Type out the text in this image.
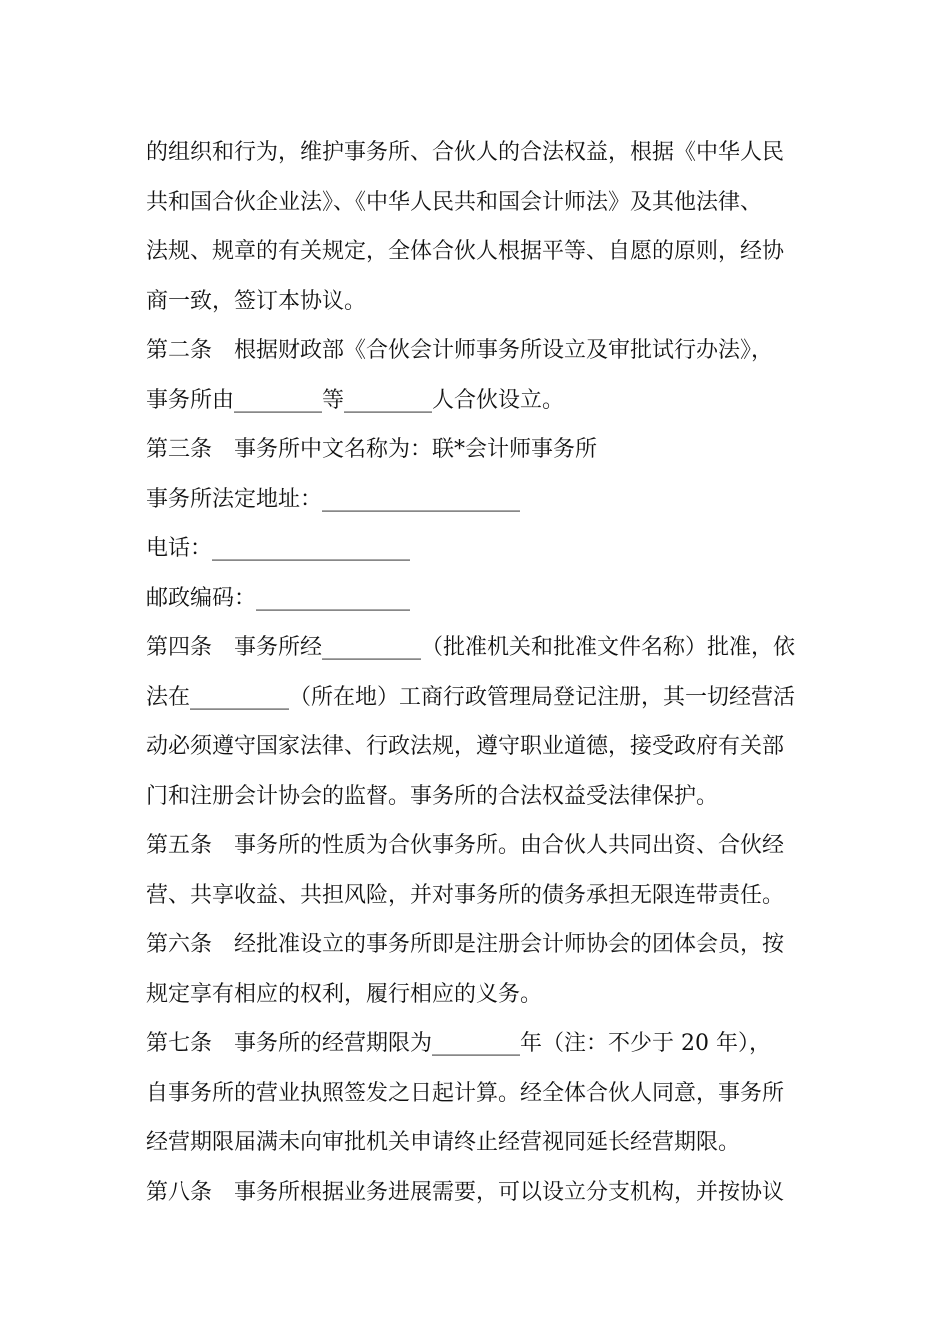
的组织和行为，维护事务所、合伙人的合法权益，根据《中华人民
共和国合伙企业法》、《中华人民共和国会计师法》及其他法律、
法规、规章的有关规定，全体合伙人根据平等、自愿的原则，经协
商一致，签订本协议。
第二条　根据财政部《合伙会计师事务所设立及审批试行办法》，
事务所由________等________人合伙设立。
第三条　事务所中文名称为：联*会计师事务所
事务所法定地址：__________________
电话：__________________
邮政编码：______________
第四条　事务所经_________（批准机关和批准文件名称）批准，依
法在_________（所在地）工商行政管理局登记注册，其一切经营活
动必须遵守国家法律、行政法规，遵守职业道德，接受政府有关部
门和注册会计协会的监督。事务所的合法权益受法律保护。
第五条　事务所的性质为合伙事务所。由合伙人共同出资、合伙经
营、共享收益、共担风险，并对事务所的债务承担无限连带责任。
第六条　经批准设立的事务所即是注册会计师协会的团体会员，按
规定享有相应的权利，履行相应的义务。
第七条　事务所的经营期限为________年（注：不少于 20 年），
自事务所的营业执照签发之日起计算。经全体合伙人同意，事务所
经营期限届满未向审批机关申请终止经营视同延长经营期限。
第八条　事务所根据业务进展需要，可以设立分支机构，并按协议
